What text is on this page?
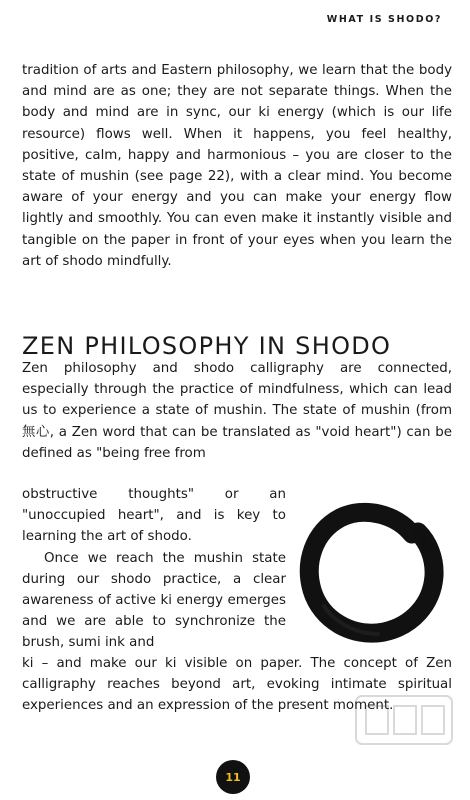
WHAT IS SHODO?

tradition of arts and Eastern philosophy, we learn that the body and mind are as one; they are not separate things. When the body and mind are in sync, our ki energy (which is our life resource) flows well. When it happens, you feel healthy, positive, calm, happy and harmonious – you are closer to the state of mushin (see page 22), with a clear mind. You become aware of your energy and you can make your energy flow lightly and smoothly. You can even make it instantly visible and tangible on the paper in front of your eyes when you learn the art of shodo mindfully.

ZEN PHILOSOPHY IN SHODO

Zen philosophy and shodo calligraphy are connected, especially through the practice of mindfulness, which can lead us to experience a state of mushin. The state of mushin (from 無心, a Zen word that can be translated as "void heart") can be defined as "being free from

obstructive thoughts" or an "unoccupied heart", and is key to learning the art of shodo.

Once we reach the mushin state during our shodo practice, a clear awareness of active ki energy emerges and we are able to synchronize the brush, sumi ink and

ki – and make our ki visible on paper. The concept of Zen calligraphy reaches beyond art, evoking intimate spiritual experiences and an expression of the present moment.

11
